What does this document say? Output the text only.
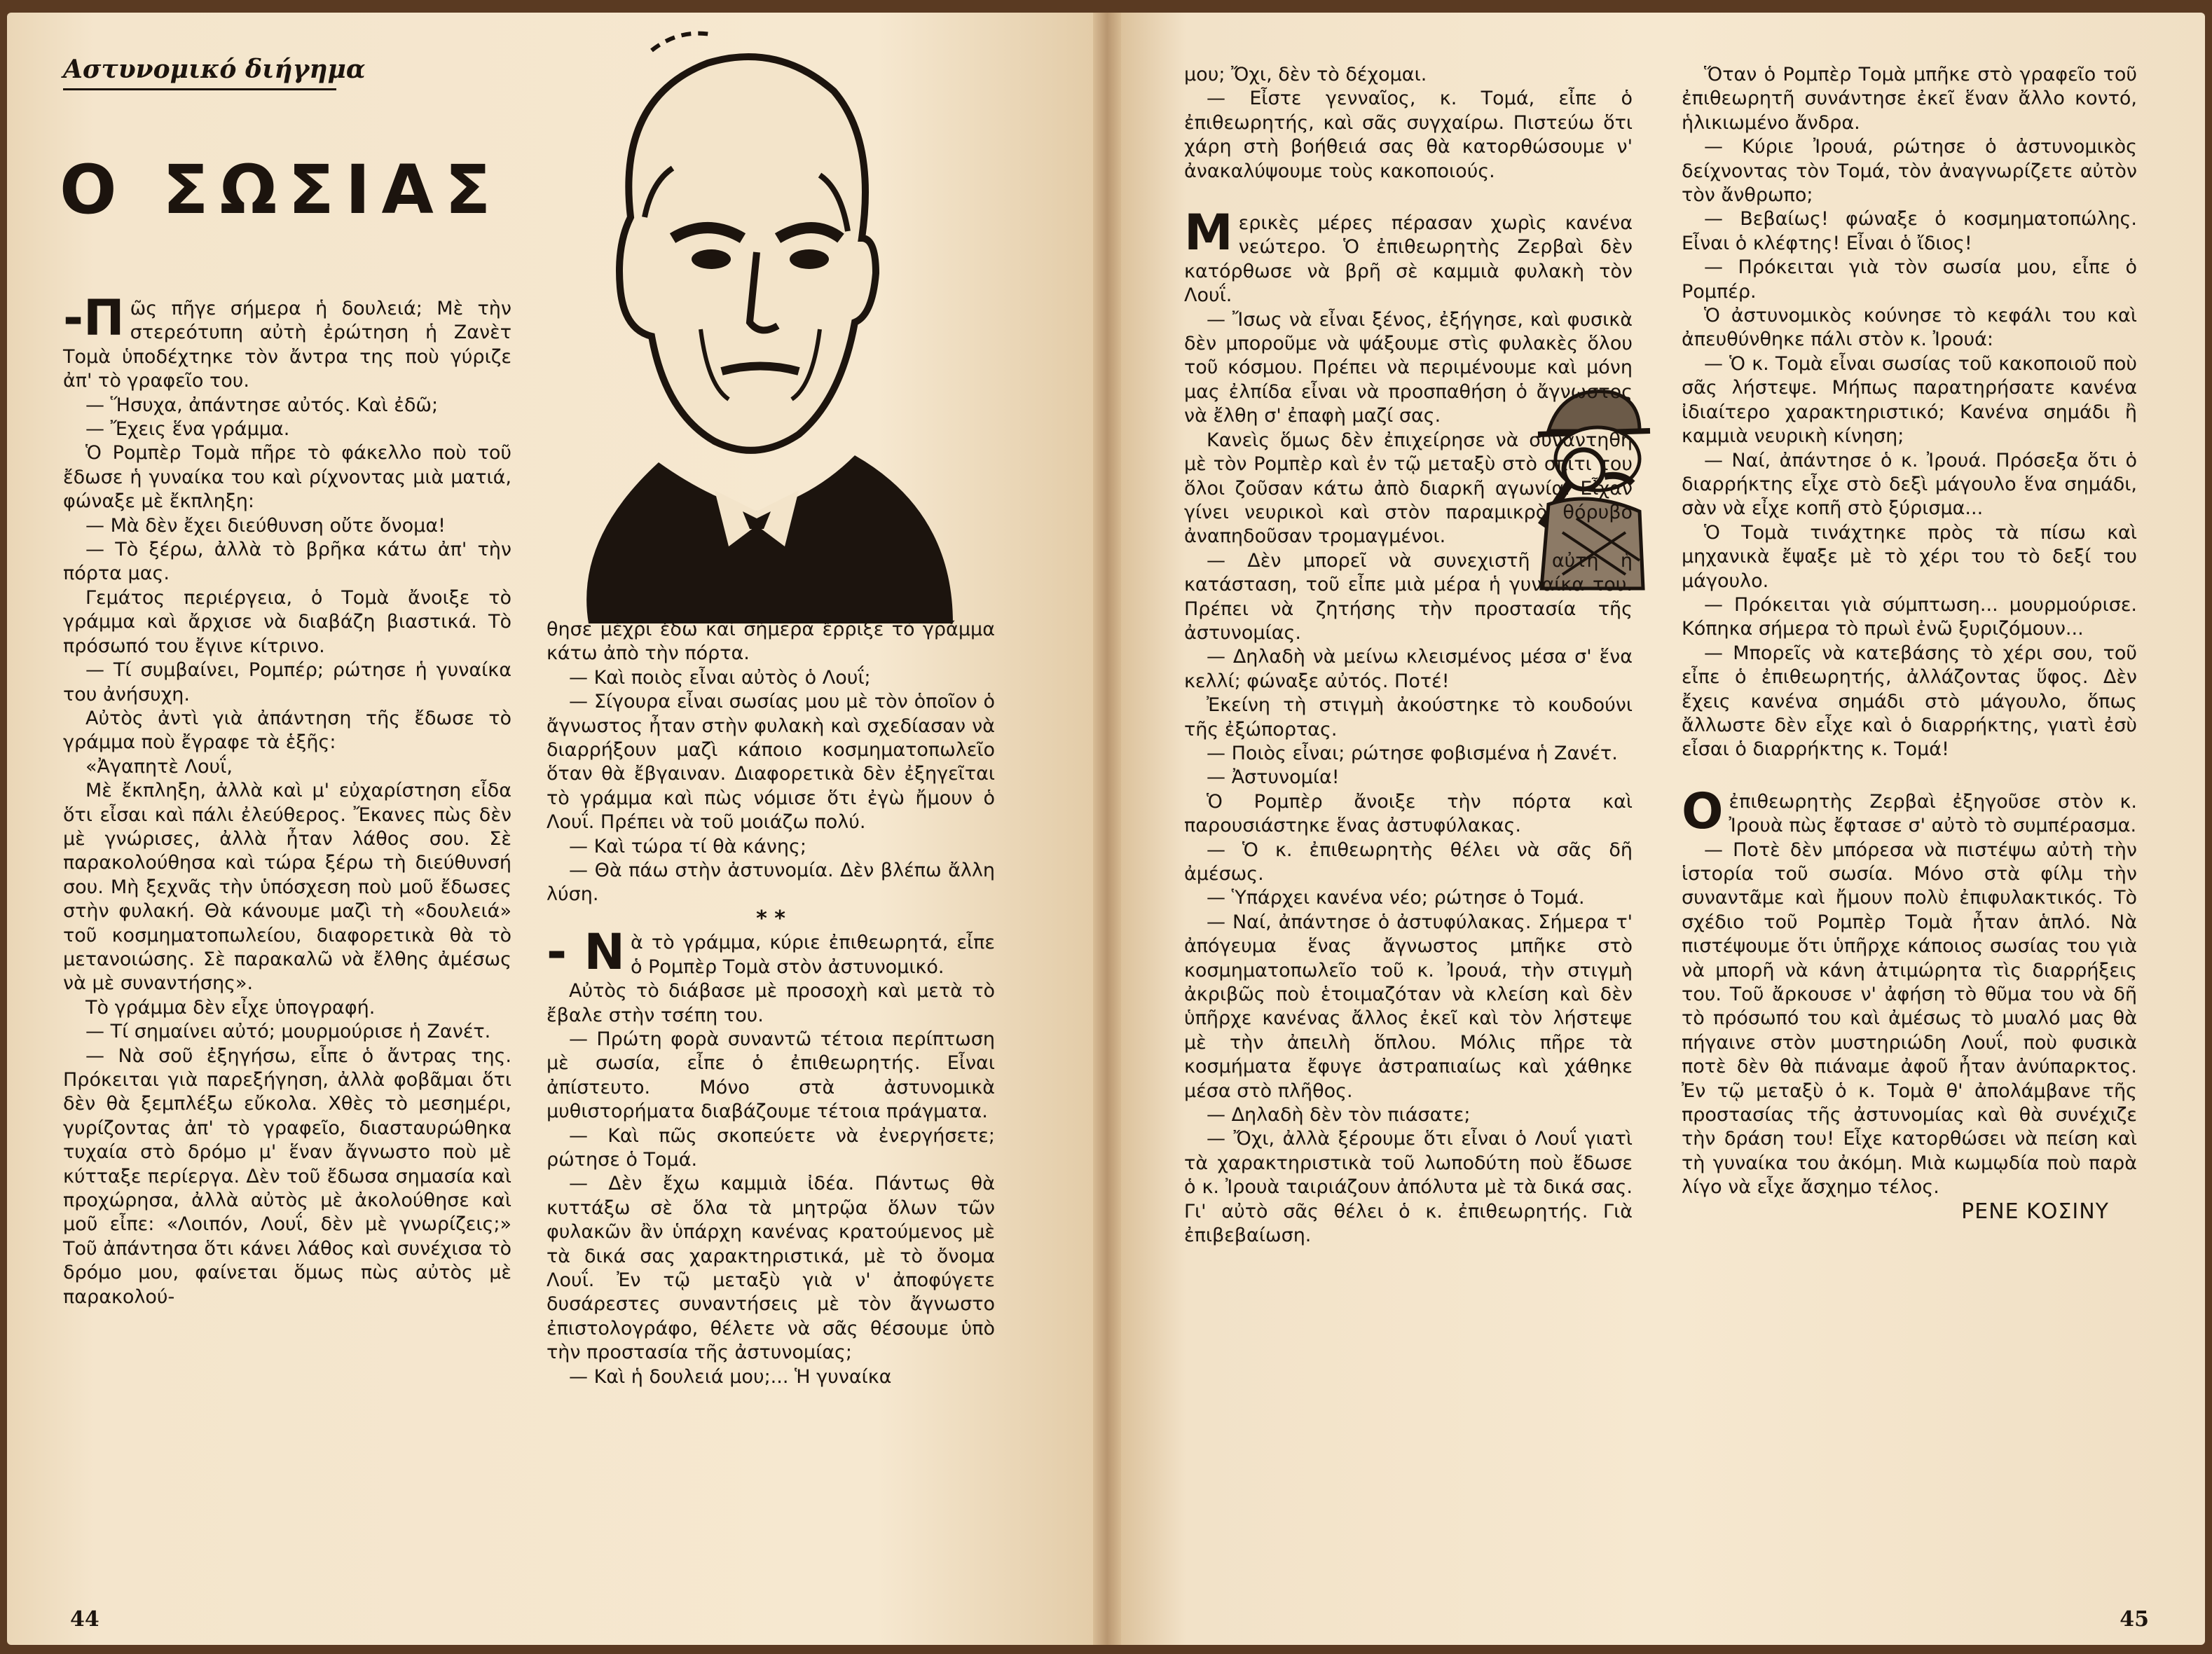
Αστυνομικό διήγημα
Ο ΣΩΣΙΑΣ

-Π ῶς πῆγε σήμερα ἡ δουλειά; Μὲ τὴν στερεότυπη αὐτὴ ἐρώτηση ἡ Ζανὲτ Τομὰ ὑποδέχτηκε τὸν ἄντρα της ποὺ γύριζε ἀπ' τὸ γραφεῖο του.

— Ἥσυχα, ἀπάντησε αὐτός. Καὶ ἐδῶ;

— Ἔχεις ἕνα γράμμα.

Ὁ Ρομπὲρ Τομὰ πῆρε τὸ φάκελλο ποὺ τοῦ ἔδωσε ἡ γυναίκα του καὶ ρίχνοντας μιὰ ματιά, φώναξε μὲ ἔκπληξη:

— Μὰ δὲν ἔχει διεύθυνση οὔτε ὄνομα!

— Τὸ ξέρω, ἀλλὰ τὸ βρῆκα κάτω ἀπ' τὴν πόρτα μας.

Γεμάτος περιέργεια, ὁ Τομὰ ἄνοιξε τὸ γράμμα καὶ ἄρχισε νὰ διαβάζη βιαστικά. Τὸ πρόσωπό του ἔγινε κίτρινο.

— Τί συμβαίνει, Ρομπέρ; ρώτησε ἡ γυναίκα του ἀνήσυχη.

Αὐτὸς ἀντὶ γιὰ ἀπάντηση τῆς ἔδωσε τὸ γράμμα ποὺ ἔγραφε τὰ ἑξῆς:

«Ἀγαπητὲ Λουΐ,

Μὲ ἔκπληξη, ἀλλὰ καὶ μ' εὐχαρίστηση εἶδα ὅτι εἶσαι καὶ πάλι ἐλεύθερος. Ἔκανες πὼς δὲν μὲ γνώρισες, ἀλλὰ ἦταν λάθος σου. Σὲ παρακολούθησα καὶ τώρα ξέρω τὴ διεύθυνσή σου. Μὴ ξεχνᾶς τὴν ὑπόσχεση ποὺ μοῦ ἔδωσες στὴν φυλακή. Θὰ κάνουμε μαζὶ τὴ «δουλειά» τοῦ κοσμηματοπωλείου, διαφορετικὰ θὰ τὸ μετανοιώσης. Σὲ παρακαλῶ νὰ ἔλθης ἀμέσως νὰ μὲ συναντήσης».

Τὸ γράμμα δὲν εἶχε ὑπογραφή.

— Τί σημαίνει αὐτό; μουρμούρισε ἡ Ζανέτ.

— Νὰ σοῦ ἐξηγήσω, εἶπε ὁ ἄντρας της. Πρόκειται γιὰ παρεξήγηση, ἀλλὰ φοβᾶμαι ὅτι δὲν θὰ ξεμπλέξω εὔκολα. Χθὲς τὸ μεσημέρι, γυρίζοντας ἀπ' τὸ γραφεῖο, διασταυρώθηκα τυχαία στὸ δρόμο μ' ἕναν ἄγνωστο ποὺ μὲ κύτταξε περίεργα. Δὲν τοῦ ἔδωσα σημασία καὶ προχώρησα, ἀλλὰ αὐτὸς μὲ ἀκολούθησε καὶ μοῦ εἶπε: «Λοιπόν, Λουΐ, δὲν μὲ γνωρίζεις;» Τοῦ ἀπάντησα ὅτι κάνει λάθος καὶ συνέχισα τὸ δρόμο μου, φαίνεται ὅμως πὼς αὐτὸς μὲ παρακολού-

θησε μέχρι ἐδῶ καὶ σήμερα ἔρριξε τὸ γράμμα κάτω ἀπὸ τὴν πόρτα.

— Καὶ ποιὸς εἶναι αὐτὸς ὁ Λουΐ;

— Σίγουρα εἶναι σωσίας μου μὲ τὸν ὁποῖον ὁ ἄγνωστος ἦταν στὴν φυλακὴ καὶ σχεδίασαν νὰ διαρρήξουν μαζὶ κάποιο κοσμηματοπωλεῖο ὅταν θὰ ἔβγαιναν. Διαφορετικὰ δὲν ἐξηγεῖται τὸ γράμμα καὶ πὼς νόμισε ὅτι ἐγὼ ἤμουν ὁ Λουΐ. Πρέπει νὰ τοῦ μοιάζω πολύ.

— Καὶ τώρα τί θὰ κάνης;

— Θὰ πάω στὴν ἀστυνομία. Δὲν βλέπω ἄλλη λύση.

* *

- Ν ὰ τὸ γράμμα, κύριε ἐπιθεωρητά, εἶπε ὁ Ρομπὲρ Τομὰ στὸν ἀστυνομικό.

Αὐτὸς τὸ διάβασε μὲ προσοχὴ καὶ μετὰ τὸ ἔβαλε στὴν τσέπη του.

— Πρώτη φορὰ συναντῶ τέτοια περίπτωση μὲ σωσία, εἶπε ὁ ἐπιθεωρητής. Εἶναι ἀπίστευτο. Μόνο στὰ ἀστυνομικὰ μυθιστορήματα διαβάζουμε τέτοια πράγματα.

— Καὶ πῶς σκοπεύετε νὰ ἐνεργήσετε; ρώτησε ὁ Τομά.

— Δὲν ἔχω καμμιὰ ἰδέα. Πάντως θὰ κυττάξω σὲ ὅλα τὰ μητρῷα ὅλων τῶν φυλακῶν ἂν ὑπάρχη κανένας κρατούμενος μὲ τὰ δικά σας χαρακτηριστικά, μὲ τὸ ὄνομα Λουΐ. Ἐν τῷ μεταξὺ γιὰ ν' ἀποφύγετε δυσάρεστες συναντήσεις μὲ τὸν ἄγνωστο ἐπιστολογράφο, θέλετε νὰ σᾶς θέσουμε ὑπὸ τὴν προστασία τῆς ἀστυνομίας;

— Καὶ ἡ δουλειά μου;... Ἡ γυναίκα

μου; Ὄχι, δὲν τὸ δέχομαι.

— Εἶστε γενναῖος, κ. Τομά, εἶπε ὁ ἐπιθεωρητής, καὶ σᾶς συγχαίρω. Πιστεύω ὅτι χάρη στὴ βοήθειά σας θὰ κατορθώσουμε ν' ἀνακαλύψουμε τοὺς κακοποιούς.

Μερικὲς μέρες πέρασαν χωρὶς κανένα νεώτερο. Ὁ ἐπιθεωρητὴς Ζερβαὶ δὲν κατόρθωσε νὰ βρῆ σὲ καμμιὰ φυλακὴ τὸν Λουΐ.

— Ἴσως νὰ εἶναι ξένος, ἐξήγησε, καὶ φυσικὰ δὲν μποροῦμε νὰ ψάξουμε στὶς φυλακὲς ὅλου τοῦ κόσμου. Πρέπει νὰ περιμένουμε καὶ μόνη μας ἐλπίδα εἶναι νὰ προσπαθήση ὁ ἄγνωστος νὰ ἔλθη σ' ἐπαφὴ μαζί σας.

Κανεὶς ὅμως δὲν ἐπιχείρησε νὰ συναντηθῆ μὲ τὸν Ρομπὲρ καὶ ἐν τῷ μεταξὺ στὸ σπίτι του ὅλοι ζοῦσαν κάτω ἀπὸ διαρκῆ αγωνία. Εἶχαν γίνει νευρικοὶ καὶ στὸν παραμικρὸ θόρυβο ἀναπηδοῦσαν τρομαγμένοι.

— Δὲν μπορεῖ νὰ συνεχιστῆ αὐτὴ ἡ κατάσταση, τοῦ εἶπε μιὰ μέρα ἡ γυναίκα του. Πρέπει νὰ ζητήσης τὴν προστασία τῆς ἀστυνομίας.

— Δηλαδὴ νὰ μείνω κλεισμένος μέσα σ' ἕνα κελλί; φώναξε αὐτός. Ποτέ!

Ἐκείνη τὴ στιγμὴ ἀκούστηκε τὸ κουδούνι τῆς ἐξώπορτας.

— Ποιὸς εἶναι; ρώτησε φοβισμένα ἡ Ζανέτ.

— Ἀστυνομία!

Ὁ Ρομπὲρ ἄνοιξε τὴν πόρτα καὶ παρουσιάστηκε ἕνας ἀστυφύλακας.

— Ὁ κ. ἐπιθεωρητὴς θέλει νὰ σᾶς δῆ ἀμέσως.

— Ὑπάρχει κανένα νέο; ρώτησε ὁ Τομά.

— Ναί, ἀπάντησε ὁ ἀστυφύλακας. Σήμερα τ' ἀπόγευμα ἕνας ἄγνωστος μπῆκε στὸ κοσμηματοπωλεῖο τοῦ κ. Ἰρουά, τὴν στιγμὴ ἀκριβῶς ποὺ ἑτοιμαζόταν νὰ κλείση καὶ δὲν ὑπῆρχε κανένας ἄλλος ἐκεῖ καὶ τὸν λήστεψε μὲ τὴν ἀπειλὴ ὅπλου. Μόλις πῆρε τὰ κοσμήματα ἔφυγε ἀστραπιαίως καὶ χάθηκε μέσα στὸ πλῆθος.

— Δηλαδὴ δὲν τὸν πιάσατε;

— Ὄχι, ἀλλὰ ξέρουμε ὅτι εἶναι ὁ Λουΐ γιατὶ τὰ χαρακτηριστικὰ τοῦ λωποδύτη ποὺ ἔδωσε ὁ κ. Ἰρουὰ ταιριάζουν ἀπόλυτα μὲ τὰ δικά σας. Γι' αὐτὸ σᾶς θέλει ὁ κ. ἐπιθεωρητής. Γιὰ ἐπιβεβαίωση.

Ὅταν ὁ Ρομπὲρ Τομὰ μπῆκε στὸ γραφεῖο τοῦ ἐπιθεωρητῆ συνάντησε ἐκεῖ ἕναν ἄλλο κοντό, ἡλικιωμένο ἄνδρα.

— Κύριε Ἰρουά, ρώτησε ὁ ἀστυνομικὸς δείχνοντας τὸν Τομά, τὸν ἀναγνωρίζετε αὐτὸν τὸν ἄνθρωπο;

— Βεβαίως! φώναξε ὁ κοσμηματοπώλης. Εἶναι ὁ κλέφτης! Εἶναι ὁ ἴδιος!

— Πρόκειται γιὰ τὸν σωσία μου, εἶπε ὁ Ρομπέρ.

Ὁ ἀστυνομικὸς κούνησε τὸ κεφάλι του καὶ ἀπευθύνθηκε πάλι στὸν κ. Ἰρουά:

— Ὁ κ. Τομὰ εἶναι σωσίας τοῦ κακοποιοῦ ποὺ σᾶς λήστεψε. Μήπως παρατηρήσατε κανένα ἰδιαίτερο χαρακτηριστικό; Κανένα σημάδι ἢ καμμιὰ νευρικὴ κίνηση;

— Ναί, ἀπάντησε ὁ κ. Ἰρουά. Πρόσεξα ὅτι ὁ διαρρήκτης εἶχε στὸ δεξὶ μάγουλο ἕνα σημάδι, σὰν νὰ εἶχε κοπῆ στὸ ξύρισμα...

Ὁ Τομὰ τινάχτηκε πρὸς τὰ πίσω καὶ μηχανικὰ ἔψαξε μὲ τὸ χέρι του τὸ δεξί του μάγουλο.

— Πρόκειται γιὰ σύμπτωση... μουρμούρισε. Κόπηκα σήμερα τὸ πρωὶ ἐνῶ ξυριζόμουν...

— Μπορεῖς νὰ κατεβάσης τὸ χέρι σου, τοῦ εἶπε ὁ ἐπιθεωρητής, ἀλλάζοντας ὕφος. Δὲν ἔχεις κανένα σημάδι στὸ μάγουλο, ὅπως ἄλλωστε δὲν εἶχε καὶ ὁ διαρρήκτης, γιατὶ ἐσὺ εἶσαι ὁ διαρρήκτης κ. Τομά!

Οἐπιθεωρητὴς Ζερβαὶ ἐξηγοῦσε στὸν κ. Ἰρουὰ πὼς ἔφτασε σ' αὐτὸ τὸ συμπέρασμα.

— Ποτὲ δὲν μπόρεσα νὰ πιστέψω αὐτὴ τὴν ἱστορία τοῦ σωσία. Μόνο στὰ φίλμ τὴν συναντᾶμε καὶ ἤμουν πολὺ ἐπιφυλακτικός. Τὸ σχέδιο τοῦ Ρομπὲρ Τομὰ ἦταν ἁπλό. Νὰ πιστέψουμε ὅτι ὑπῆρχε κάποιος σωσίας του γιὰ νὰ μπορῆ νὰ κάνη ἀτιμώρητα τὶς διαρρήξεις του. Τοῦ ἄρκουσε ν' ἀφήση τὸ θῦμα του νὰ δῆ τὸ πρόσωπό του καὶ ἀμέσως τὸ μυαλό μας θὰ πήγαινε στὸν μυστηριώδη Λουΐ, ποὺ φυσικὰ ποτὲ δὲν θὰ πιάναμε ἀφοῦ ἦταν ἀνύπαρκτος. Ἐν τῷ μεταξὺ ὁ κ. Τομὰ θ' ἀπολάμβανε τῆς προστασίας τῆς ἀστυνομίας καὶ θὰ συνέχιζε τὴν δράση του! Εἶχε κατορθώσει νὰ πείση καὶ τὴ γυναίκα του ἀκόμη. Μιὰ κωμῳδία ποὺ παρὰ λίγο νὰ εἶχε ἄσχημο τέλος.

ΡΕΝΕ ΚΟΣΙΝΥ

44	45
